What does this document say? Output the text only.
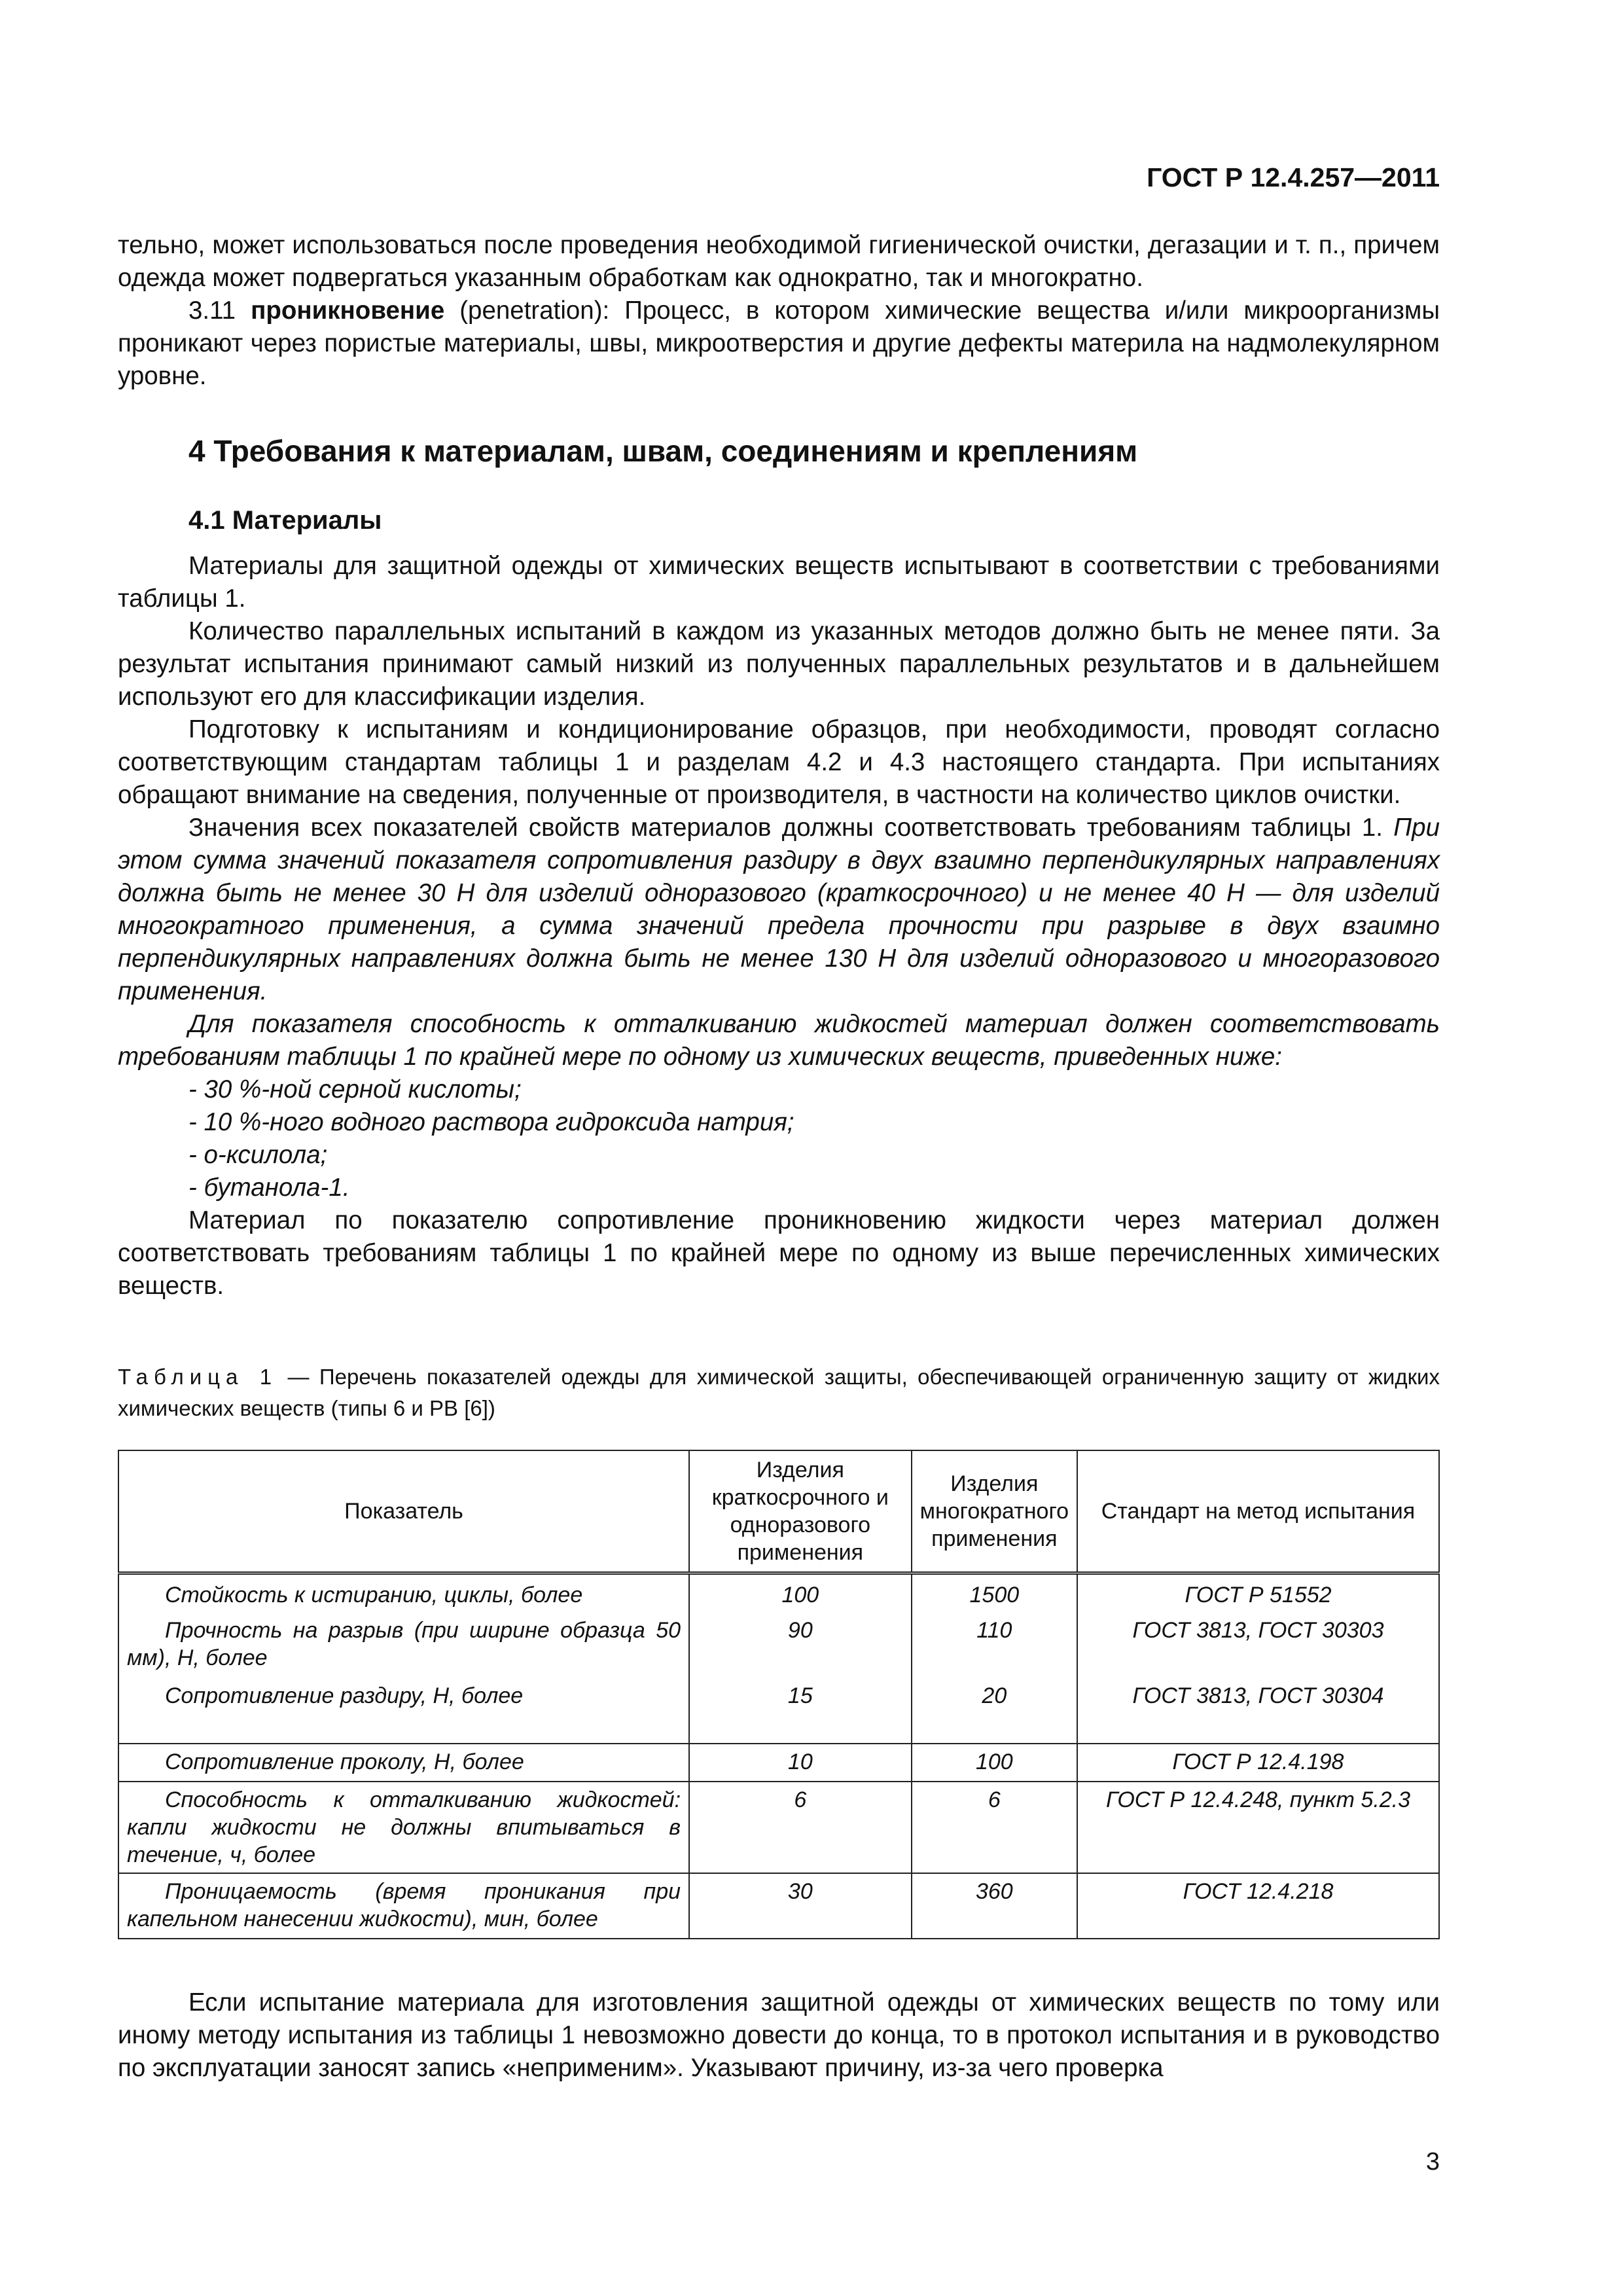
ГОСТ Р 12.4.257—2011

тельно, может использоваться после проведения необходимой гигиенической очистки, дегазации и т. п., причем одежда может подвергаться указанным обработкам как однократно, так и многократно.

3.11 проникновение (penetration): Процесс, в котором химические вещества и/или микроорганизмы проникают через пористые материалы, швы, микроотверстия и другие дефекты материла на надмолекулярном уровне.

4 Требования к материалам, швам, соединениям и креплениям
4.1 Материалы

Материалы для защитной одежды от химических веществ испытывают в соответствии с требованиями таблицы 1.

Количество параллельных испытаний в каждом из указанных методов должно быть не менее пяти. За результат испытания принимают самый низкий из полученных параллельных результатов и в дальнейшем используют его для классификации изделия.

Подготовку к испытаниям и кондиционирование образцов, при необходимости, проводят согласно соответствующим стандартам таблицы 1 и разделам 4.2 и 4.3 настоящего стандарта. При испытаниях обращают внимание на сведения, полученные от производителя, в частности на количество циклов очистки.

Значения всех показателей свойств материалов должны соответствовать требованиям таблицы 1. При этом сумма значений показателя сопротивления раздиру в двух взаимно перпендикулярных направлениях должна быть не менее 30 Н для изделий одноразового (краткосрочного) и не менее 40 Н — для изделий многократного применения, а сумма значений предела прочности при разрыве в двух взаимно перпендикулярных направлениях должна быть не менее 130 Н для изделий одноразового и многоразового применения.

Для показателя способность к отталкиванию жидкостей материал должен соответствовать требованиям таблицы 1 по крайней мере по одному из химических веществ, приведенных ниже:

- 30 %-ной серной кислоты;

- 10 %-ного водного раствора гидроксида натрия;

- о-ксилола;

- бутанола-1.

Материал по показателю сопротивление проникновению жидкости через материал должен соответствовать требованиям таблицы 1 по крайней мере по одному из выше перечисленных химических веществ.

Таблица 1 — Перечень показателей одежды для химической защиты, обеспечивающей ограниченную защиту от жидких химических веществ (типы 6 и PB [6])
Показатель	Изделия краткосрочного и одноразового применения	Изделия многократного применения	Стандарт на метод испытания
Стойкость к истиранию, циклы, более	100	1500	ГОСТ Р 51552
Прочность на разрыв (при ширине образца 50 мм), Н, более	90	110	ГОСТ 3813, ГОСТ 30303
Сопротивление раздиру, Н, более	15	20	ГОСТ 3813, ГОСТ 30304
Сопротивление проколу, Н, более	10	100	ГОСТ Р 12.4.198
Способность к отталкиванию жидкостей: капли жидкости не должны впитываться в течение, ч, более	6	6	ГОСТ Р 12.4.248, пункт 5.2.3
Проницаемость (время проникания при капельном нанесении жидкости), мин, более	30	360	ГОСТ 12.4.218

Если испытание материала для изготовления защитной одежды от химических веществ по тому или иному методу испытания из таблицы 1 невозможно довести до конца, то в протокол испытания и в руководство по эксплуатации заносят запись «неприменим». Указывают причину, из-за чего проверка

3
